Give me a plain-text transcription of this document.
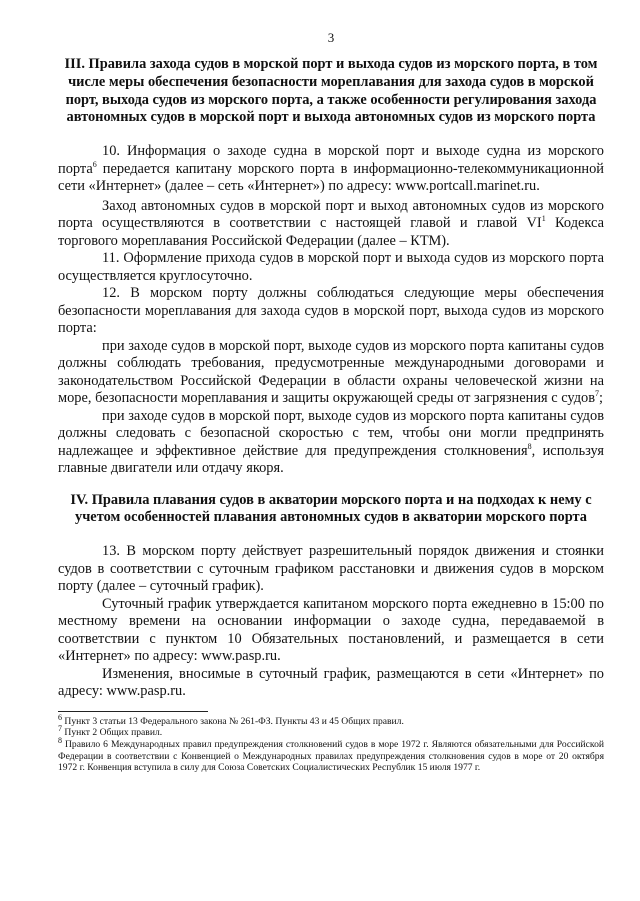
3
III. Правила захода судов в морской порт и выхода судов из морского порта, в том числе меры обеспечения безопасности мореплавания для захода судов в морской порт, выхода судов из морского порта, а также особенности регулирования захода автономных судов в морской порт и выхода автономных судов из морского порта

10. Информация о заходе судна в морской порт и выходе судна из морского порта$^6$ передается капитану морского порта в информационно-телекоммуникационной сети «Интернет» (далее – сеть «Интернет») по адресу: www.portcall.marinet.ru.

Заход автономных судов в морской порт и выход автономных судов из морского порта осуществляются в соответствии с настоящей главой и главой $VI^1$ Кодекса торгового мореплавания Российской Федерации (далее – КТМ).

11. Оформление прихода судов в морской порт и выхода судов из морского порта осуществляется круглосуточно.

12. В морском порту должны соблюдаться следующие меры обеспечения безопасности мореплавания для захода судов в морской порт, выхода судов из морского порта:

при заходе судов в морской порт, выходе судов из морского порта капитаны судов должны соблюдать требования, предусмотренные международными договорами и законодательством Российской Федерации в области охраны человеческой жизни на море, безопасности мореплавания и защиты окружающей среды от загрязнения с судов$^7$;

при заходе судов в морской порт, выходе судов из морского порта капитаны судов должны следовать с безопасной скоростью с тем, чтобы они могли предпринять надлежащее и эффективное действие для предупреждения столкновения$^8$, используя главные двигатели или отдачу якоря.

IV. Правила плавания судов в акватории морского порта и на подходах к нему с учетом особенностей плавания автономных судов в акватории морского порта

13. В морском порту действует разрешительный порядок движения и стоянки судов в соответствии с суточным графиком расстановки и движения судов в морском порту (далее – суточный график).

Суточный график утверждается капитаном морского порта ежедневно в 15:00 по местному времени на основании информации о заходе судна, передаваемой в соответствии с пунктом 10 Обязательных постановлений, и размещается в сети «Интернет» по адресу: www.pasp.ru.

Изменения, вносимые в суточный график, размещаются в сети «Интернет» по адресу: www.pasp.ru.

$^6$ Пункт 3 статьи 13 Федерального закона № 261-ФЗ. Пункты 43 и 45 Общих правил.

$^7$ Пункт 2 Общих правил.

$^8$ Правило 6 Международных правил предупреждения столкновений судов в море 1972 г. Являются обязательными для Российской Федерации в соответствии с Конвенцией о Международных правилах предупреждения столкновения судов в море от 20 октября 1972 г. Конвенция вступила в силу для Союза Советских Социалистических Республик 15 июля 1977 г.
